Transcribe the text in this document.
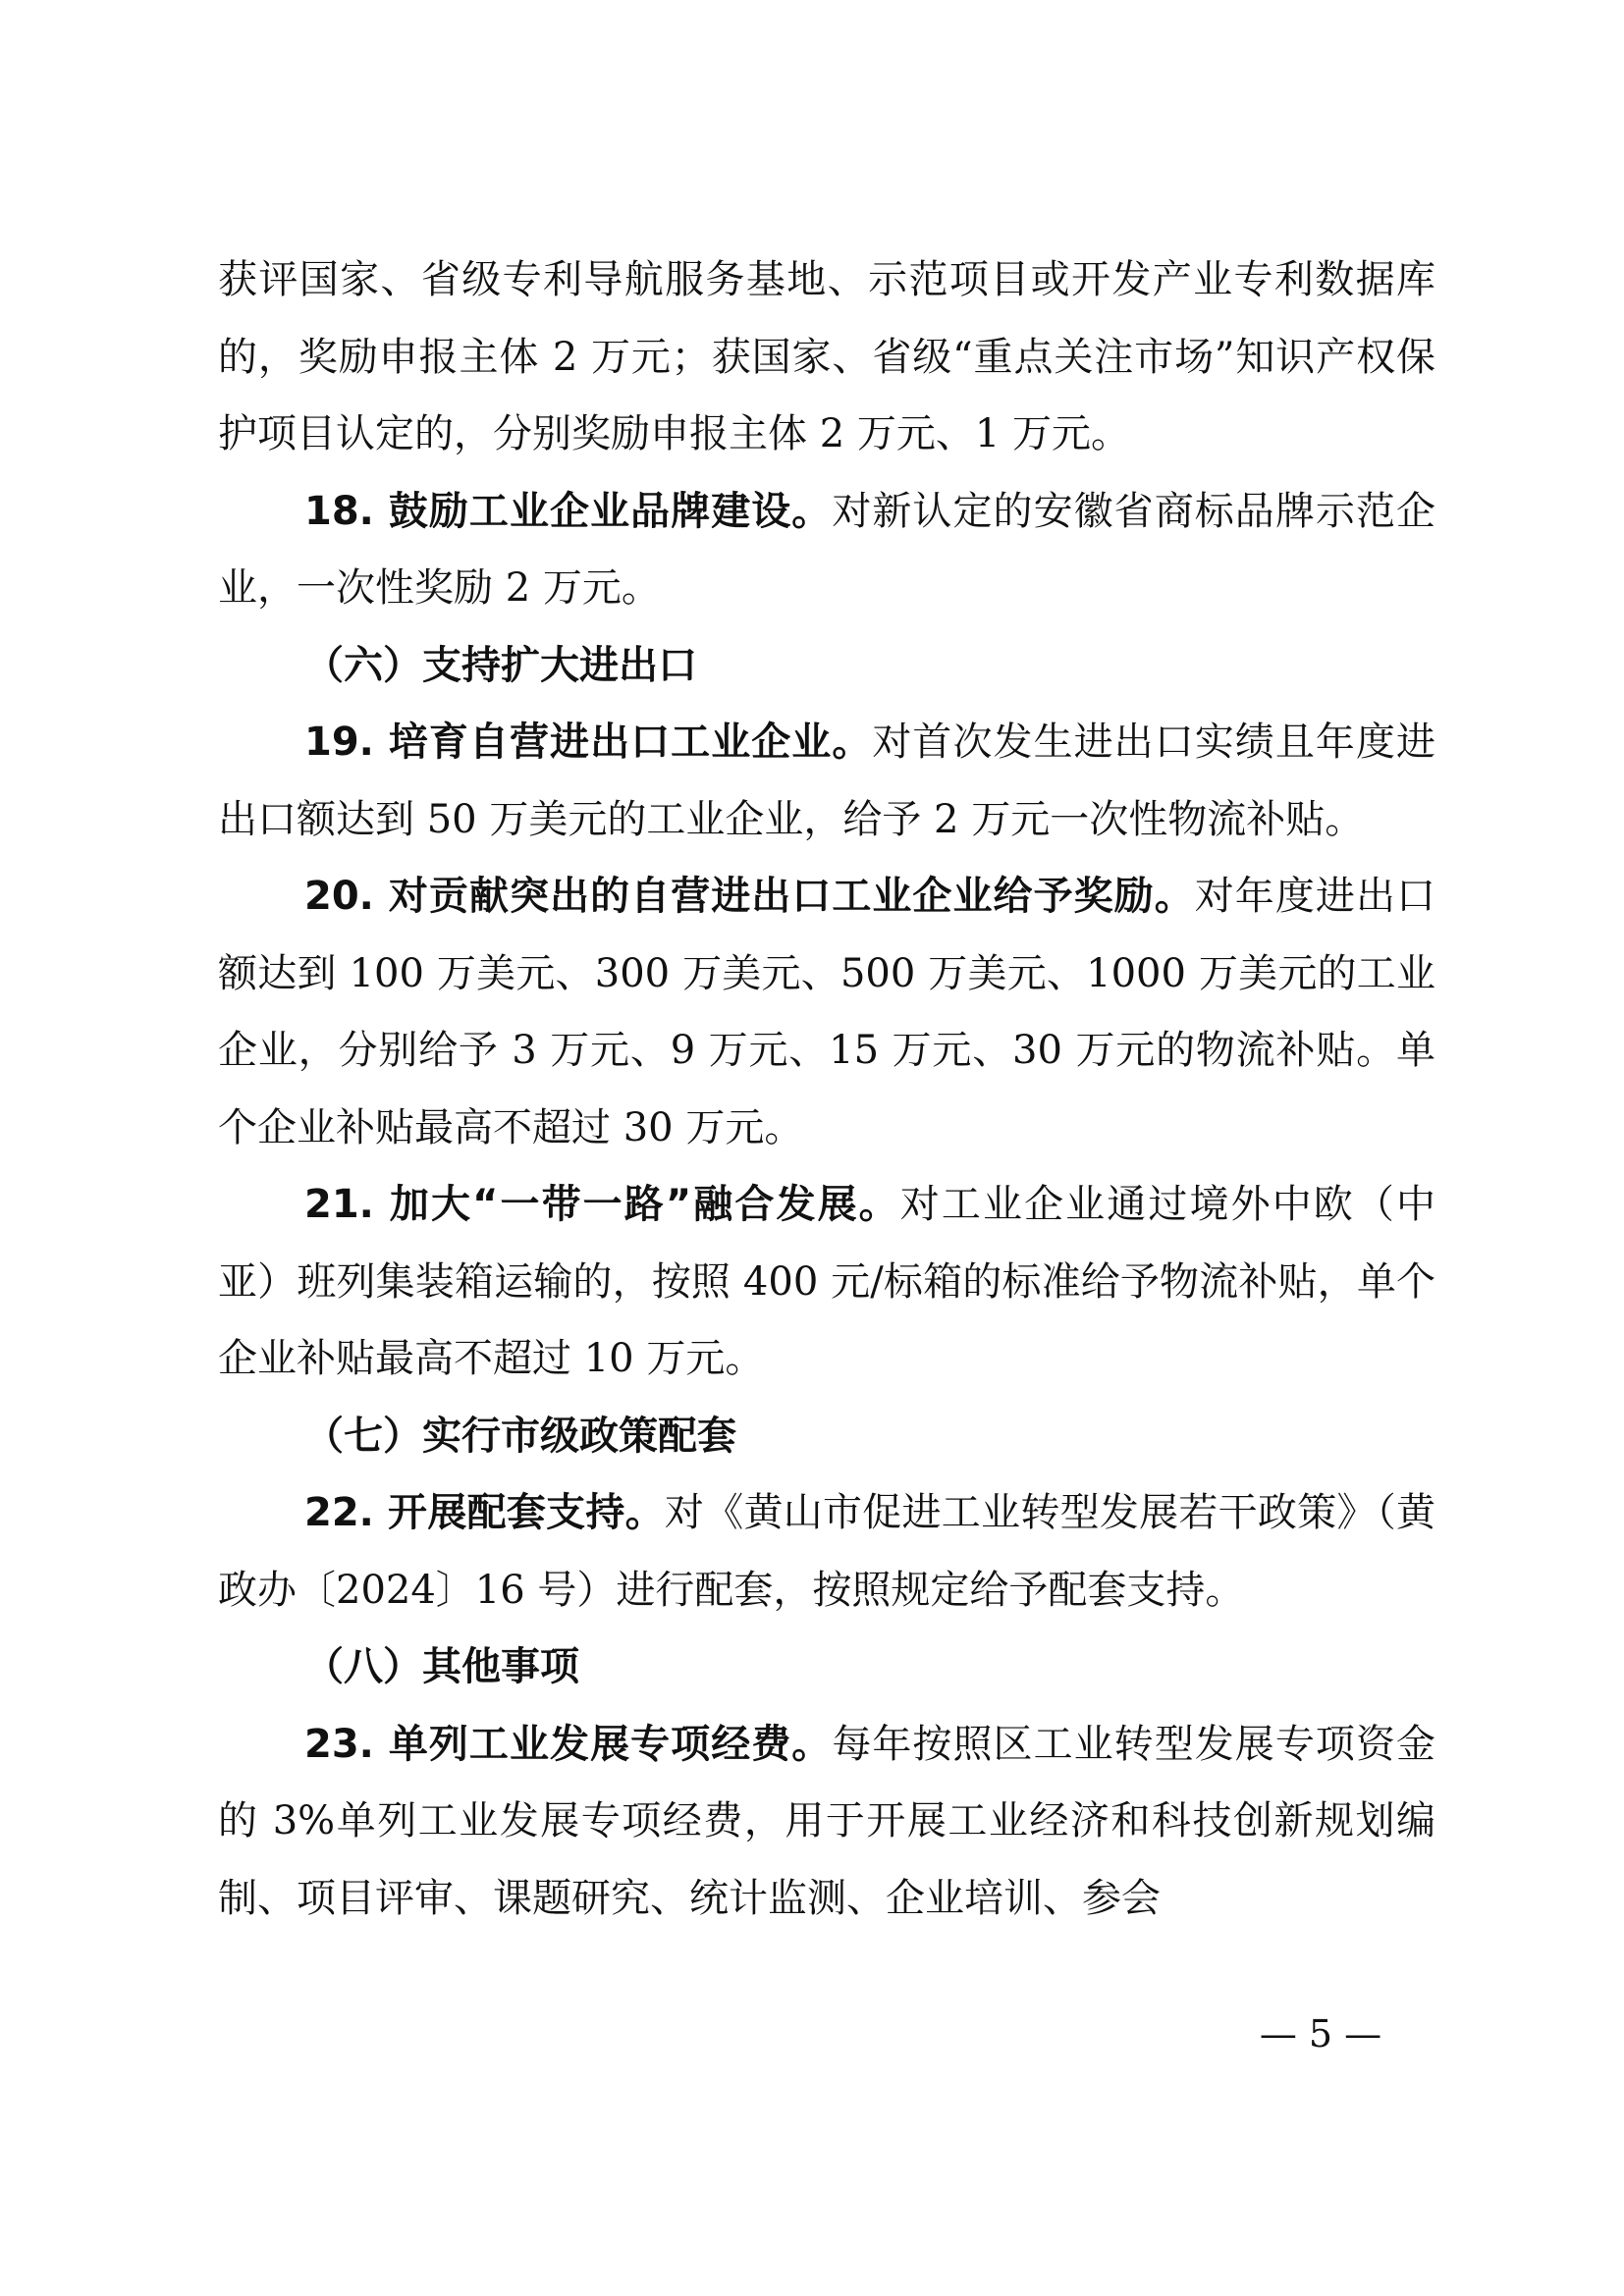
获评国家、省级专利导航服务基地、示范项目或开发产业专利数据库的，奖励申报主体 2 万元；获国家、省级“重点关注市场”知识产权保护项目认定的，分别奖励申报主体 2 万元、1 万元。

18. 鼓励工业企业品牌建设。对新认定的安徽省商标品牌示范企业，一次性奖励 2 万元。

（六）支持扩大进出口

19. 培育自营进出口工业企业。对首次发生进出口实绩且年度进出口额达到 50 万美元的工业企业，给予 2 万元一次性物流补贴。

20. 对贡献突出的自营进出口工业企业给予奖励。对年度进出口额达到 100 万美元、300 万美元、500 万美元、1000 万美元的工业企业，分别给予 3 万元、9 万元、15 万元、30 万元的物流补贴。单个企业补贴最高不超过 30 万元。

21. 加大“一带一路”融合发展。对工业企业通过境外中欧（中亚）班列集装箱运输的，按照 400 元/标箱的标准给予物流补贴，单个企业补贴最高不超过 10 万元。

（七）实行市级政策配套

22. 开展配套支持。对《黄山市促进工业转型发展若干政策》（黄政办〔2024〕16 号）进行配套，按照规定给予配套支持。

（八）其他事项

23. 单列工业发展专项经费。每年按照区工业转型发展专项资金的 3%单列工业发展专项经费，用于开展工业经济和科技创新规划编制、项目评审、课题研究、统计监测、企业培训、参会

— 5 —
